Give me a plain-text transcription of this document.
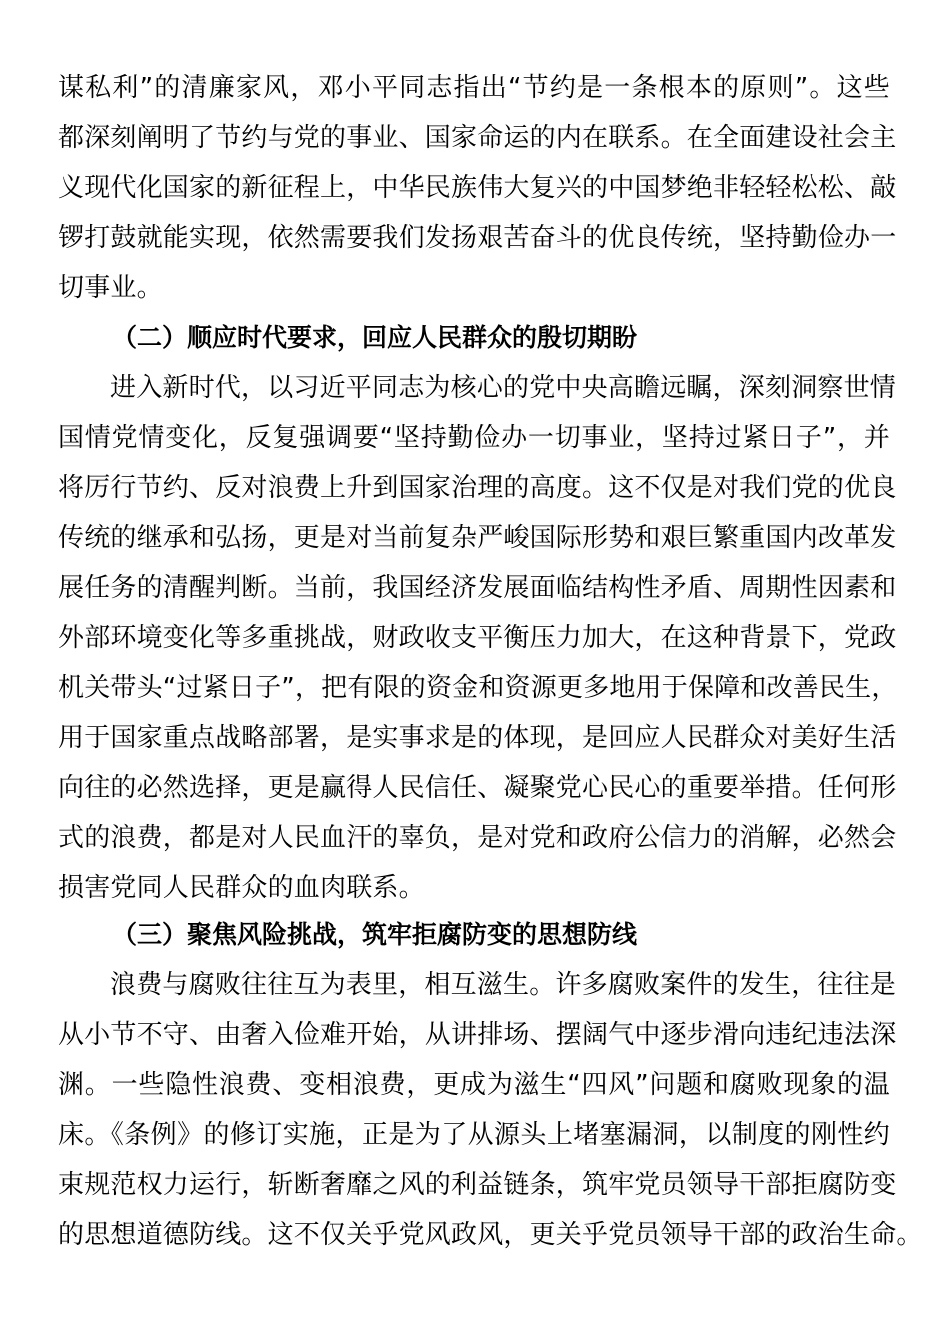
谋私利”的清廉家风，邓小平同志指出“节约是一条根本的原则”。这些
都深刻阐明了节约与党的事业、国家命运的内在联系。在全面建设社会主
义现代化国家的新征程上，中华民族伟大复兴的中国梦绝非轻轻松松、敲
锣打鼓就能实现，依然需要我们发扬艰苦奋斗的优良传统，坚持勤俭办一
切事业。
（二）顺应时代要求，回应人民群众的殷切期盼
进入新时代，以习近平同志为核心的党中央高瞻远瞩，深刻洞察世情
国情党情变化，反复强调要“坚持勤俭办一切事业，坚持过紧日子”，并
将厉行节约、反对浪费上升到国家治理的高度。这不仅是对我们党的优良
传统的继承和弘扬，更是对当前复杂严峻国际形势和艰巨繁重国内改革发
展任务的清醒判断。当前，我国经济发展面临结构性矛盾、周期性因素和
外部环境变化等多重挑战，财政收支平衡压力加大，在这种背景下，党政
机关带头“过紧日子”，把有限的资金和资源更多地用于保障和改善民生，
用于国家重点战略部署，是实事求是的体现，是回应人民群众对美好生活
向往的必然选择，更是赢得人民信任、凝聚党心民心的重要举措。任何形
式的浪费，都是对人民血汗的辜负，是对党和政府公信力的消解，必然会
损害党同人民群众的血肉联系。
（三）聚焦风险挑战，筑牢拒腐防变的思想防线
浪费与腐败往往互为表里，相互滋生。许多腐败案件的发生，往往是
从小节不守、由奢入俭难开始，从讲排场、摆阔气中逐步滑向违纪违法深
渊。一些隐性浪费、变相浪费，更成为滋生“四风”问题和腐败现象的温
床。《条例》的修订实施，正是为了从源头上堵塞漏洞，以制度的刚性约
束规范权力运行，斩断奢靡之风的利益链条，筑牢党员领导干部拒腐防变
的思想道德防线。这不仅关乎党风政风，更关乎党员领导干部的政治生命。
